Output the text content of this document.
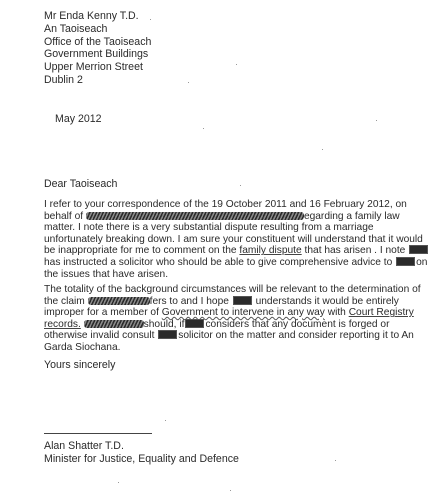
Mr Enda Kenny T.D.
An Taoiseach
Office of the Taoiseach
Government Buildings
Upper Merrion Street
Dublin 2
May 2012
Dear Taoiseach
I refer to your correspondence of the 19 October 2011 and 16 February 2012, on
behalf of	egarding a family law
matter. I note there is a very substantial dispute resulting from a marriage
unfortunately breaking down. I am sure your constituent will understand that it would
be inappropriate for me to comment on the family dispute that has arisen . I note
has instructed a solicitor who should be able to give comprehensive advice to on
the issues that have arisen.
The totality of the background circumstances will be relevant to the determination of
the claim	fers to and I hope	understands it would be entirely
improper for a member of Government to intervene in any way with Court Registry
records.	should, if considers that any document is forged or
otherwise invalid consult solicitor on the matter and consider reporting it to An
Garda Siochana.
Yours sincerely
Alan Shatter T.D.
Minister for Justice, Equality and Defence
